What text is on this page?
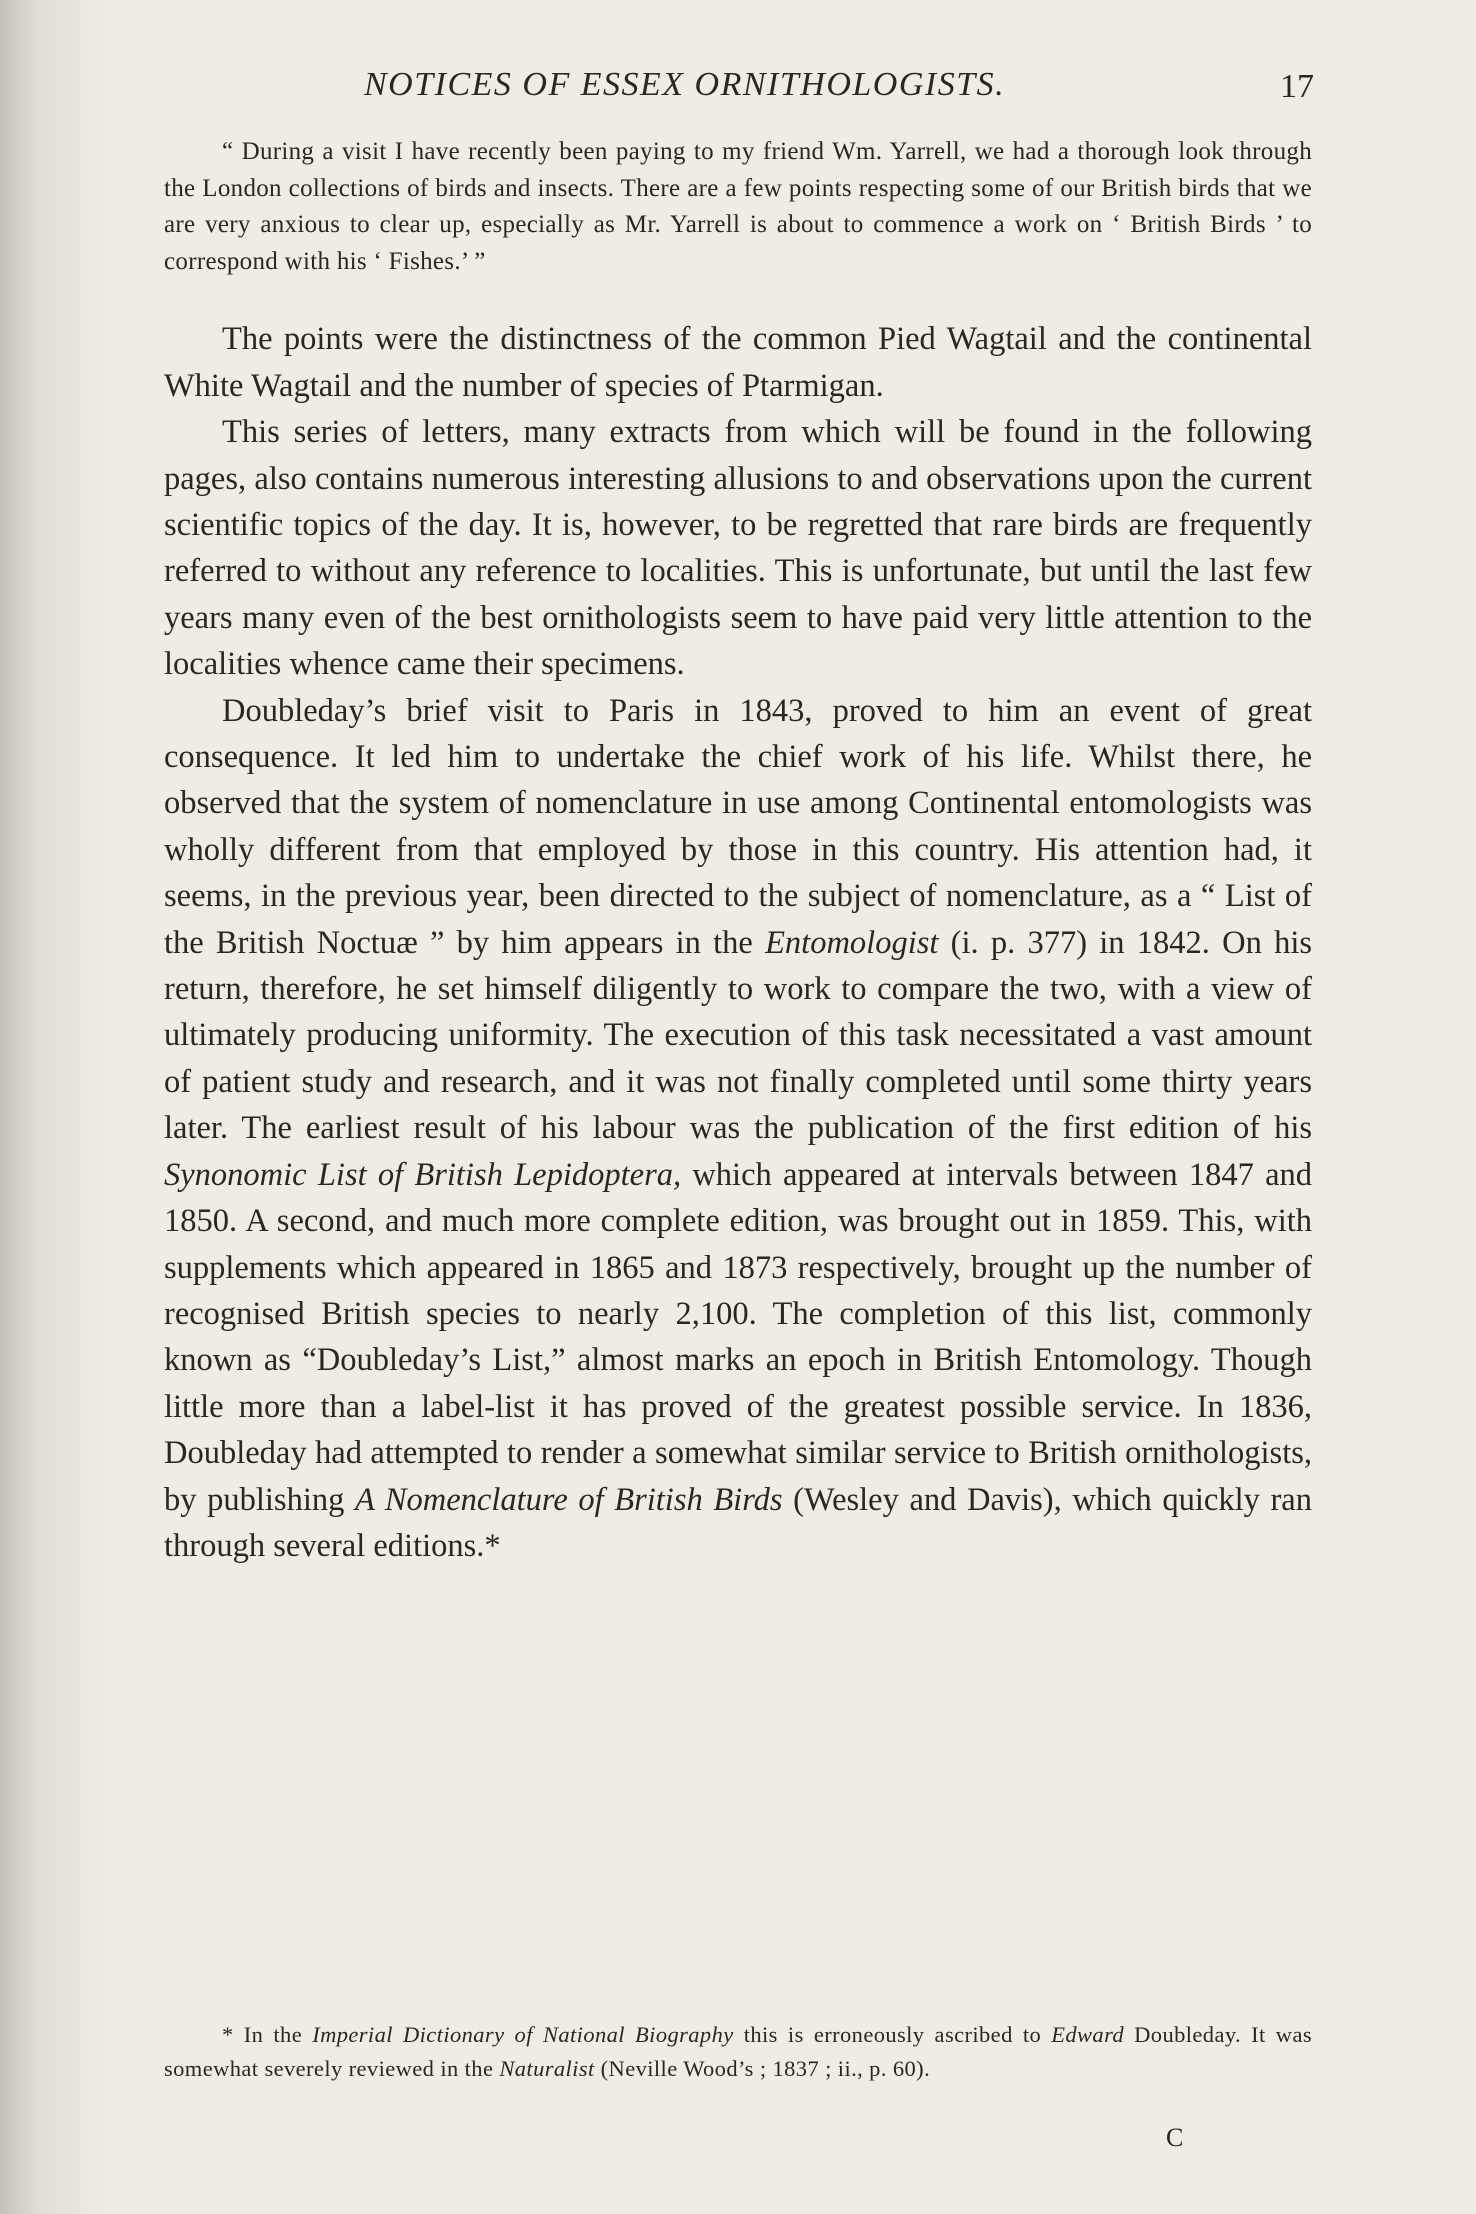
NOTICES OF ESSEX ORNITHOLOGISTS.	17

“ During a visit I have recently been paying to my friend Wm. Yarrell, we had a thorough look through the London collections of birds and insects. There are a few points respecting some of our British birds that we are very anxious to clear up, especially as Mr. Yarrell is about to commence a work on ‘ British Birds ’ to correspond with his ‘ Fishes.’ ”

The points were the distinctness of the common Pied Wagtail and the continental White Wagtail and the number of species of Ptarmigan.

This series of letters, many extracts from which will be found in the following pages, also contains numerous interesting allusions to and observations upon the current scientific topics of the day. It is, however, to be regretted that rare birds are frequently referred to without any reference to localities. This is unfortunate, but until the last few years many even of the best ornithologists seem to have paid very little attention to the localities whence came their specimens.

Doubleday’s brief visit to Paris in 1843, proved to him an event of great consequence. It led him to undertake the chief work of his life. Whilst there, he observed that the system of nomenclature in use among Continental entomologists was wholly different from that employed by those in this country. His attention had, it seems, in the previous year, been directed to the subject of nomenclature, as a “ List of the British Noctuæ ” by him appears in the Entomologist (i. p. 377) in 1842. On his return, therefore, he set himself diligently to work to compare the two, with a view of ultimately producing uniformity. The execution of this task necessitated a vast amount of patient study and research, and it was not finally completed until some thirty years later. The earliest result of his labour was the publication of the first edition of his Synonomic List of British Lepidoptera, which appeared at intervals between 1847 and 1850. A second, and much more complete edition, was brought out in 1859. This, with supplements which appeared in 1865 and 1873 respectively, brought up the number of recognised British species to nearly 2,100. The completion of this list, commonly known as “Doubleday’s List,” almost marks an epoch in British Entomology. Though little more than a label-list it has proved of the greatest possible service. In 1836, Doubleday had attempted to render a somewhat similar service to British ornithologists, by publishing A Nomenclature of British Birds (Wesley and Davis), which quickly ran through several editions.*

* In the Imperial Dictionary of National Biography this is erroneously ascribed to Edward Doubleday. It was somewhat severely reviewed in the Naturalist (Neville Wood’s ; 1837 ; ii., p. 60).

C
